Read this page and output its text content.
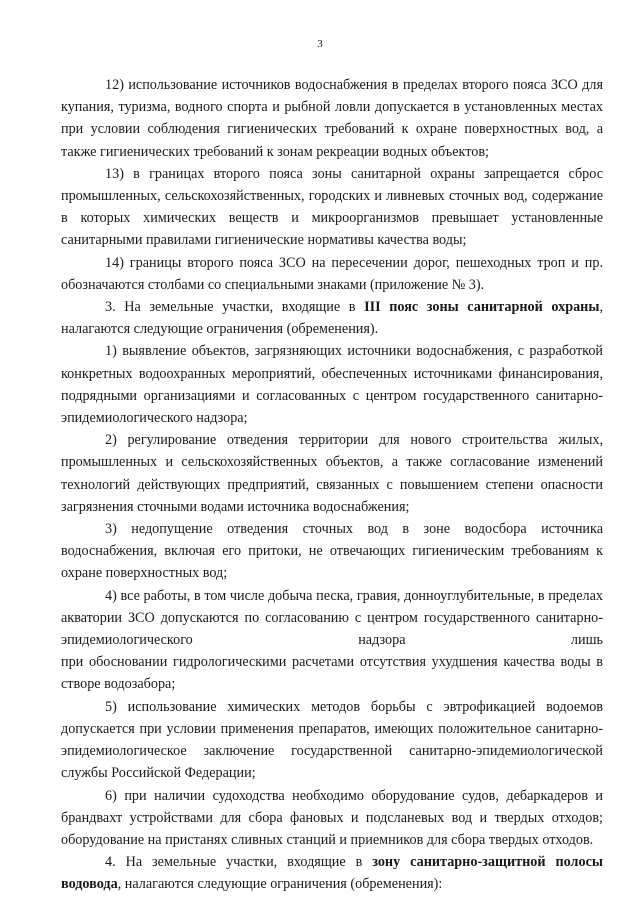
3

12) использование источников водоснабжения в пределах второго пояса ЗСО для купания, туризма, водного спорта и рыбной ловли допускается в установленных местах при условии соблюдения гигиенических требований к охране поверхностных вод, а также гигиенических требований к зонам рекреации водных объектов;

13) в границах второго пояса зоны санитарной охраны запрещается сброс промышленных, сельскохозяйственных, городских и ливневых сточных вод, содержание в которых химических веществ и микроорганизмов превышает установленные санитарными правилами гигиенические нормативы качества воды;

14) границы второго пояса ЗСО на пересечении дорог, пешеходных троп и пр. обозначаются столбами со специальными знаками (приложение № 3).

3. На земельные участки, входящие в III пояс зоны санитарной охраны, налагаются следующие ограничения (обременения).

1) выявление объектов, загрязняющих источники водоснабжения, с разработкой конкретных водоохранных мероприятий, обеспеченных источниками финансирования, подрядными организациями и согласованных с центром государственного санитарно-эпидемиологического надзора;

2) регулирование отведения территории для нового строительства жилых, промышленных и сельскохозяйственных объектов, а также согласование изменений технологий действующих предприятий, связанных с повышением степени опасности загрязнения сточными водами источника водоснабжения;

3) недопущение отведения сточных вод в зоне водосбора источника водоснабжения, включая его притоки, не отвечающих гигиеническим требованиям к охране поверхностных вод;

4) все работы, в том числе добыча песка, гравия, донноуглубительные, в пределах акватории ЗСО допускаются по согласованию с центром государственного санитарно-эпидемиологического надзора лишь

при обосновании гидрологическими расчетами отсутствия ухудшения качества воды в створе водозабора;

5) использование химических методов борьбы с эвтрофикацией водоемов допускается при условии применения препаратов, имеющих положительное санитарно-эпидемиологическое заключение государственной санитарно-эпидемиологической службы Российской Федерации;

6) при наличии судоходства необходимо оборудование судов, дебаркадеров и брандвахт устройствами для сбора фановых и подсланевых вод и твердых отходов; оборудование на пристанях сливных станций и приемников для сбора твердых отходов.

4. На земельные участки, входящие в зону санитарно-защитной полосы водовода, налагаются следующие ограничения (обременения):
